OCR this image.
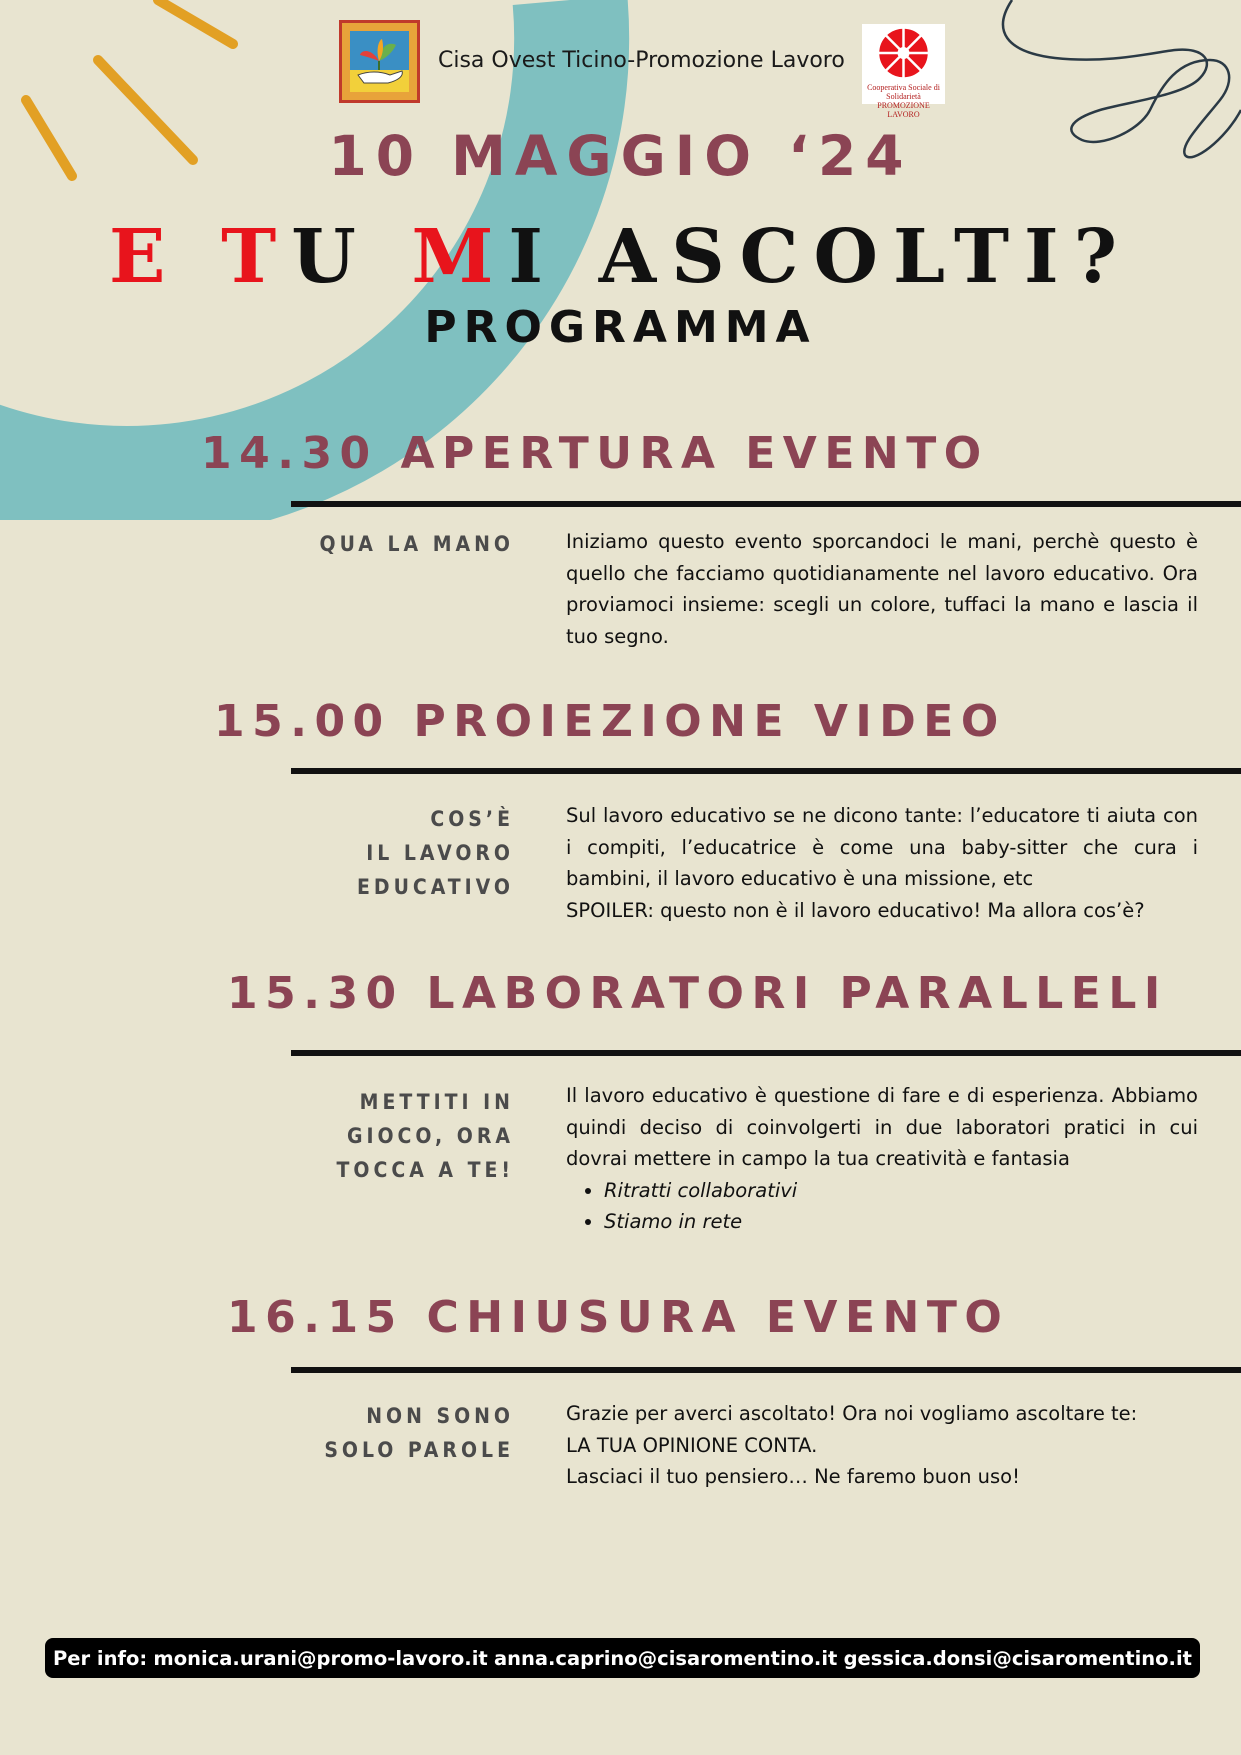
Cisa Ovest Ticino-Promozione Lavoro
Cooperativa Sociale di Solidarietà PROMOZIONE LAVORO
10 MAGGIO ‘24
E TU MI ASCOLTI?
PROGRAMMA
14.30 APERTURA EVENTO
QUA LA MANO	Iniziamo questo evento sporcandoci le mani, perchè questo è quello che facciamo quotidianamente nel lavoro educativo. Ora proviamoci insieme: scegli un colore, tuffaci la mano e lascia il tuo segno.

15.00 PROIEZIONE VIDEO
COS’È
IL LAVORO
EDUCATIVO

Sul lavoro educativo se ne dicono tante: l’educatore ti aiuta con i compiti, l’educatrice è come una baby-sitter che cura i bambini, il lavoro educativo è una missione, etc

SPOILER: questo non è il lavoro educativo! Ma allora cos’è?

15.30 LABORATORI PARALLELI
METTITI IN
GIOCO, ORA
TOCCA A TE!

Il lavoro educativo è questione di fare e di esperienza. Abbiamo quindi deciso di coinvolgerti in due laboratori pratici in cui dovrai mettere in campo la tua creatività e fantasia

• Ritratti collaborativi
• Stiamo in rete
16.15 CHIUSURA EVENTO
NON SONO
SOLO PAROLE

Grazie per averci ascoltato! Ora noi vogliamo ascoltare te:

LA TUA OPINIONE CONTA.

Lasciaci il tuo pensiero… Ne faremo buon uso!

Per info: monica.urani@promo-lavoro.it anna.caprino@cisaromentino.it gessica.donsi@cisaromentino.it
